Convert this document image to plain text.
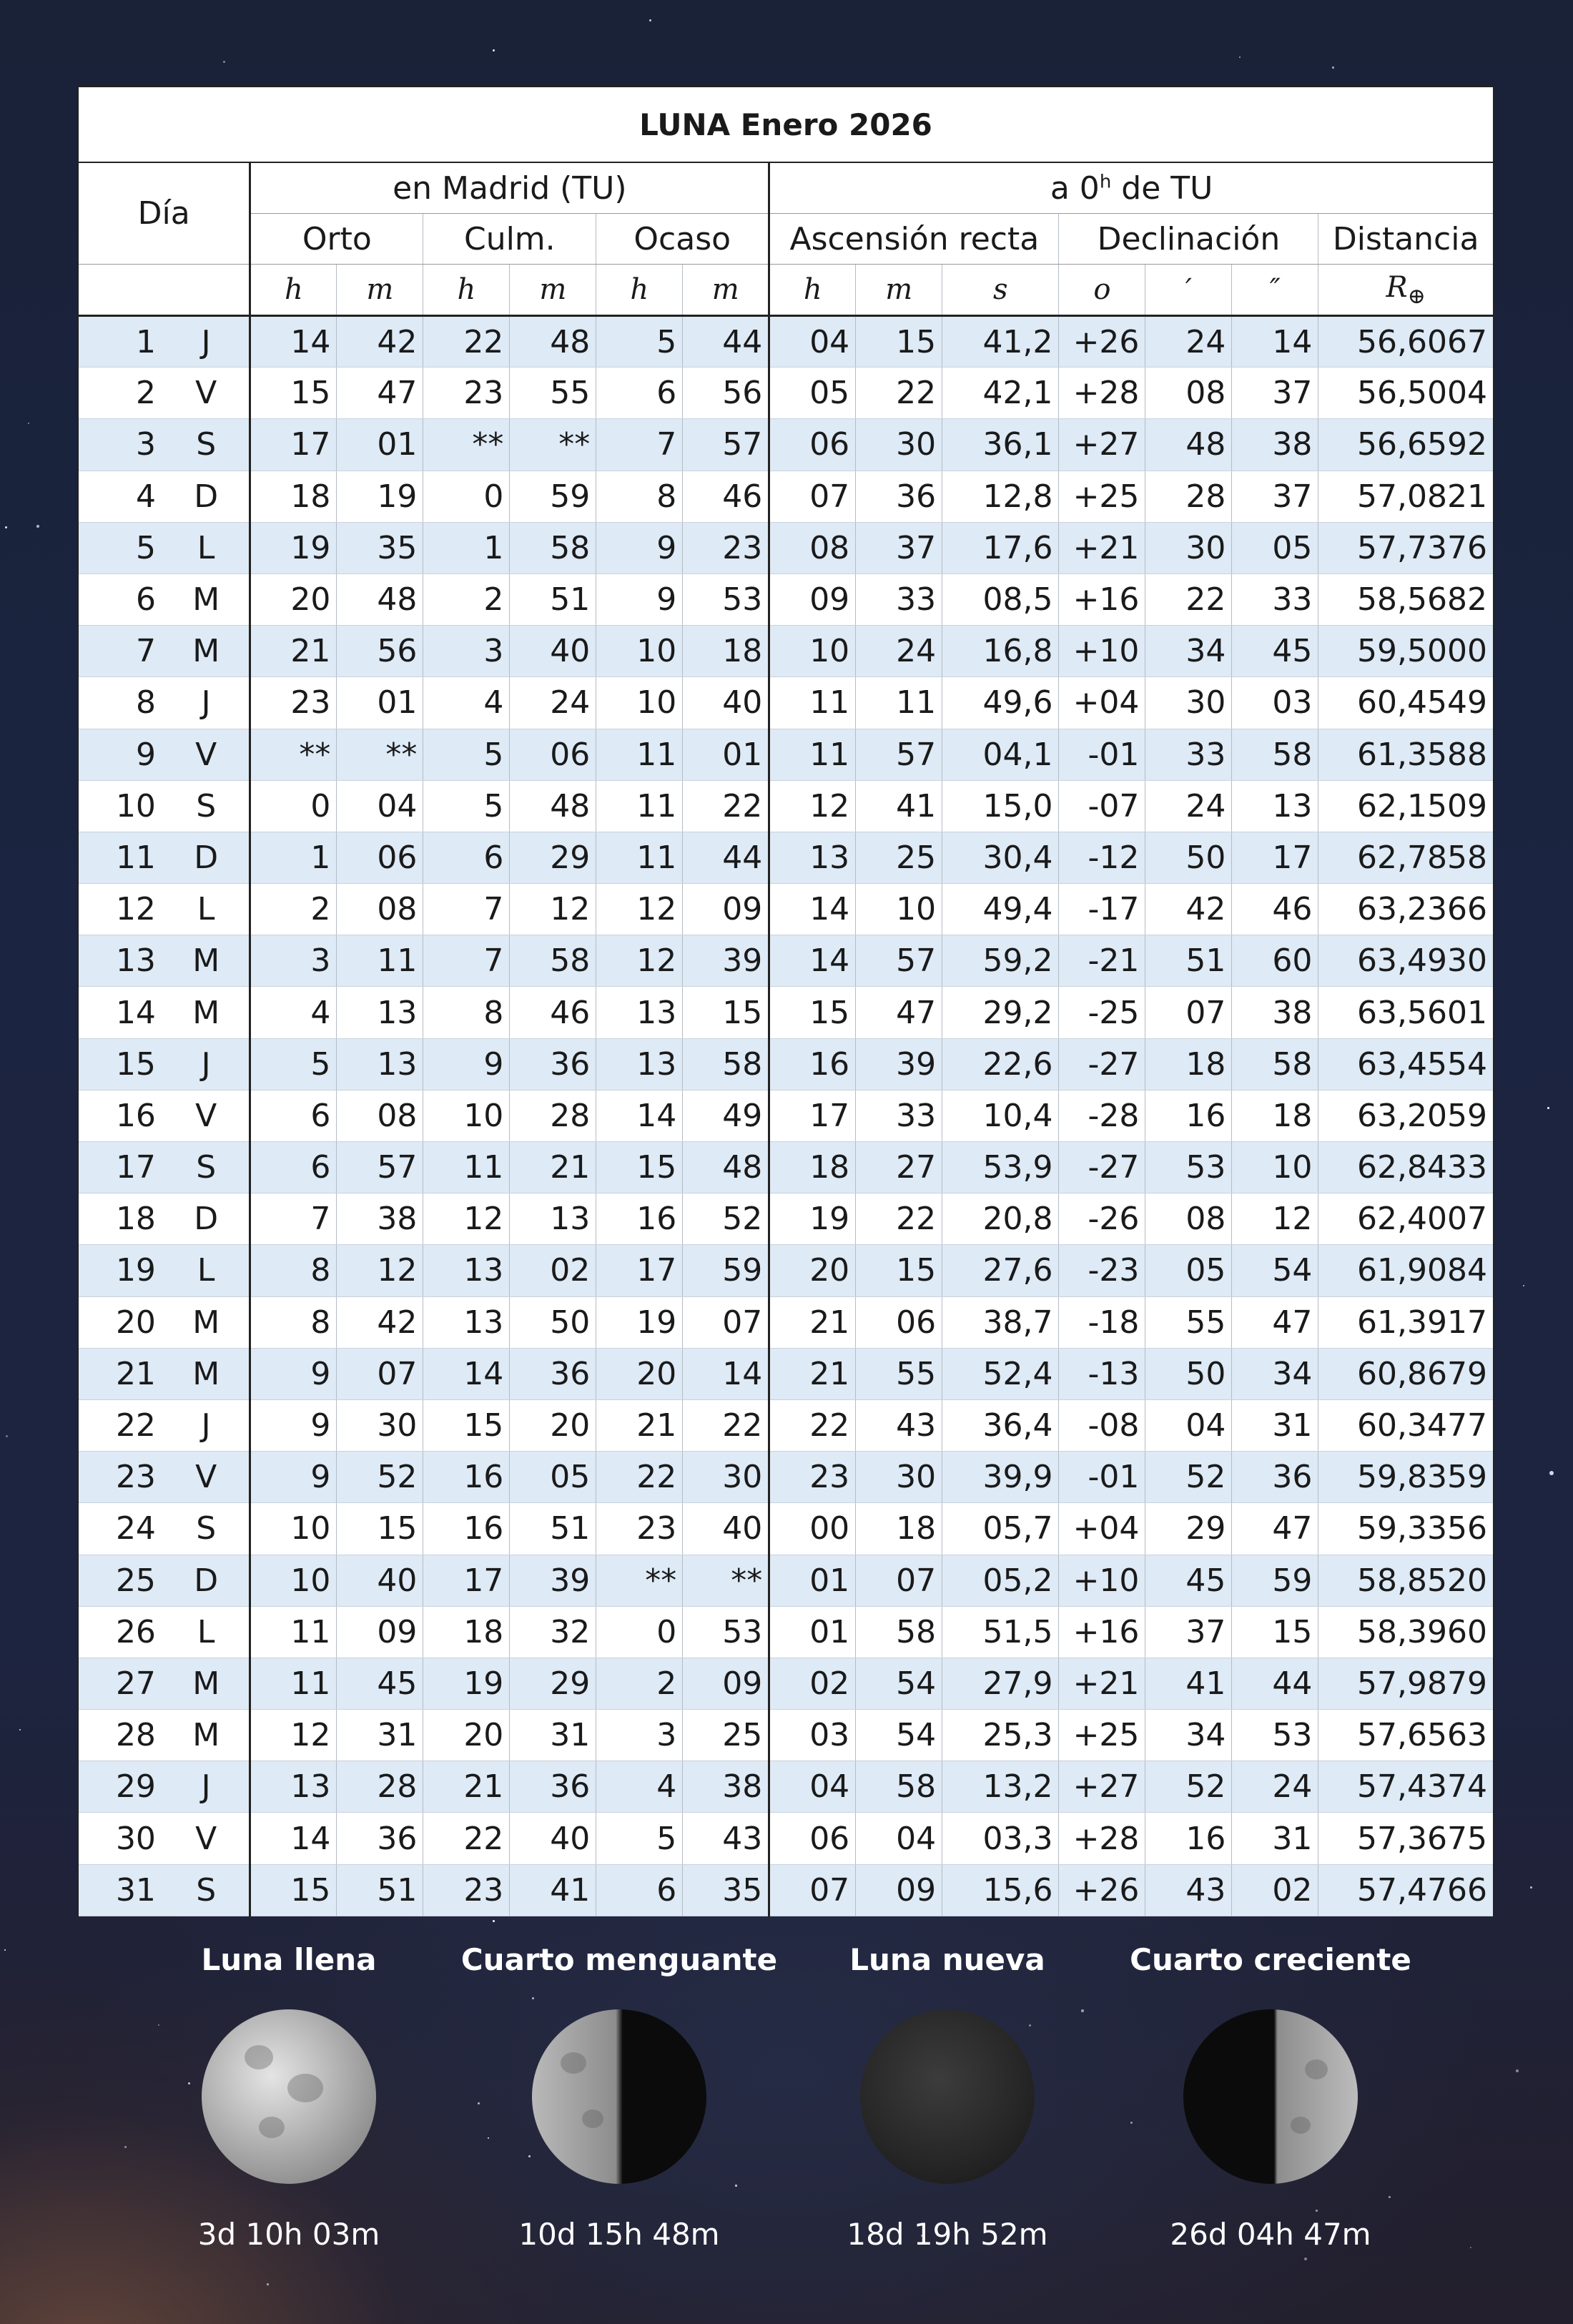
LUNA Enero 2026														
Día		en Madrid (TU)						a 0$^h$ de TU						
		Orto		Culm.		Ocaso		Ascensión recta			Declinación			Distancia
		h	m	h	m	h	m	h	m	s	o	′	″	$R_\oplus$
1	J	14	42	22	48	5	44	04	15	41,2	+26	24	14	56,6067
2	V	15	47	23	55	6	56	05	22	42,1	+28	08	37	56,5004
3	S	17	01	**	**	7	57	06	30	36,1	+27	48	38	56,6592
4	D	18	19	0	59	8	46	07	36	12,8	+25	28	37	57,0821
5	L	19	35	1	58	9	23	08	37	17,6	+21	30	05	57,7376
6	M	20	48	2	51	9	53	09	33	08,5	+16	22	33	58,5682
7	M	21	56	3	40	10	18	10	24	16,8	+10	34	45	59,5000
8	J	23	01	4	24	10	40	11	11	49,6	+04	30	03	60,4549
9	V	**	**	5	06	11	01	11	57	04,1	-01	33	58	61,3588
10	S	0	04	5	48	11	22	12	41	15,0	-07	24	13	62,1509
11	D	1	06	6	29	11	44	13	25	30,4	-12	50	17	62,7858
12	L	2	08	7	12	12	09	14	10	49,4	-17	42	46	63,2366
13	M	3	11	7	58	12	39	14	57	59,2	-21	51	60	63,4930
14	M	4	13	8	46	13	15	15	47	29,2	-25	07	38	63,5601
15	J	5	13	9	36	13	58	16	39	22,6	-27	18	58	63,4554
16	V	6	08	10	28	14	49	17	33	10,4	-28	16	18	63,2059
17	S	6	57	11	21	15	48	18	27	53,9	-27	53	10	62,8433
18	D	7	38	12	13	16	52	19	22	20,8	-26	08	12	62,4007
19	L	8	12	13	02	17	59	20	15	27,6	-23	05	54	61,9084
20	M	8	42	13	50	19	07	21	06	38,7	-18	55	47	61,3917
21	M	9	07	14	36	20	14	21	55	52,4	-13	50	34	60,8679
22	J	9	30	15	20	21	22	22	43	36,4	-08	04	31	60,3477
23	V	9	52	16	05	22	30	23	30	39,9	-01	52	36	59,8359
24	S	10	15	16	51	23	40	00	18	05,7	+04	29	47	59,3356
25	D	10	40	17	39	**	**	01	07	05,2	+10	45	59	58,8520
26	L	11	09	18	32	0	53	01	58	51,5	+16	37	15	58,3960
27	M	11	45	19	29	2	09	02	54	27,9	+21	41	44	57,9879
28	M	12	31	20	31	3	25	03	54	25,3	+25	34	53	57,6563
29	J	13	28	21	36	4	38	04	58	13,2	+27	52	24	57,4374
30	V	14	36	22	40	5	43	06	04	03,3	+28	16	31	57,3675
31	S	15	51	23	41	6	35	07	09	15,6	+26	43	02	57,4766
Luna llena
3d 10h 03m
Cuarto menguante
10d 15h 48m
Luna nueva
18d 19h 52m
Cuarto creciente
26d 04h 47m
